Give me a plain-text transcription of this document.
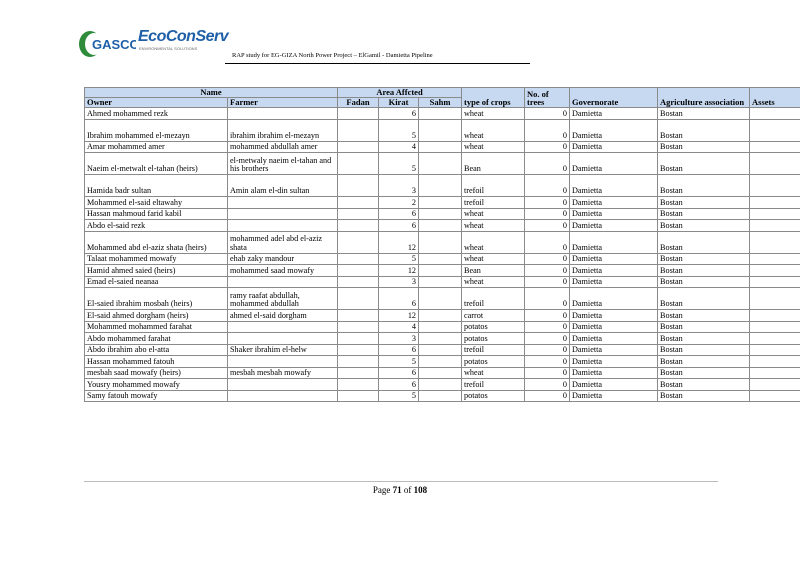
GASCO
EcoConServ
ENVIRONMENTAL SOLUTIONS
RAP study for EG-GIZA North Power Project – ElGamil - Damietta Pipeline
Name		Area Affcted			type of crops	No. of trees	Governorate	Agriculture association	Assets
Owner	Farmer	Fadan	Kirat	Sahm					
Ahmed mohammed rezk			6		wheat	0	Damietta	Bostan	
Ibrahim mohammed el-mezayn	ibrahim ibrahim el-mezayn		5		wheat	0	Damietta	Bostan	
Amar mohammed amer	mohammed abdullah amer		4		wheat	0	Damietta	Bostan	
Naeim el-metwalt el-tahan (heirs)	el-metwaly naeim el-tahan and his brothers		5		Bean	0	Damietta	Bostan	
Hamida badr sultan	Amin alam el-din sultan		3		trefoil	0	Damietta	Bostan	
Mohammed el-said eltawahy			2		trefoil	0	Damietta	Bostan	
Hassan mahmoud farid kabil			6		wheat	0	Damietta	Bostan	
Abdo el-said rezk			6		wheat	0	Damietta	Bostan	
Mohammed abd el-aziz shata (heirs)	mohammed adel abd el-aziz shata		12		wheat	0	Damietta	Bostan	
Talaat mohammed mowafy	ehab zaky mandour		5		wheat	0	Damietta	Bostan	
Hamid ahmed saied (heirs)	mohammed saad mowafy		12		Bean	0	Damietta	Bostan	
Emad el-saied neanaa			3		wheat	0	Damietta	Bostan	
El-saied ibrahim mosbah (heirs)	ramy raafat abdullah, mohammed abdullah		6		trefoil	0	Damietta	Bostan	
El-said ahmed dorgham (heirs)	ahmed el-said dorgham		12		carrot	0	Damietta	Bostan	
Mohammed mohammed farahat			4		potatos	0	Damietta	Bostan	
Abdo mohammed farahat			3		potatos	0	Damietta	Bostan	
Abdo ibrahim abo el-atta	Shaker ibrahim el-helw		6		trefoil	0	Damietta	Bostan	
Hassan mohammed fatouh			5		potatos	0	Damietta	Bostan	
mesbah saad mowafy (heirs)	mesbah mesbah mowafy		6		wheat	0	Damietta	Bostan	
Yousry mohammed mowafy			6		trefoil	0	Damietta	Bostan	
Samy fatouh mowafy			5		potatos	0	Damietta	Bostan	
Page 71 of 108
